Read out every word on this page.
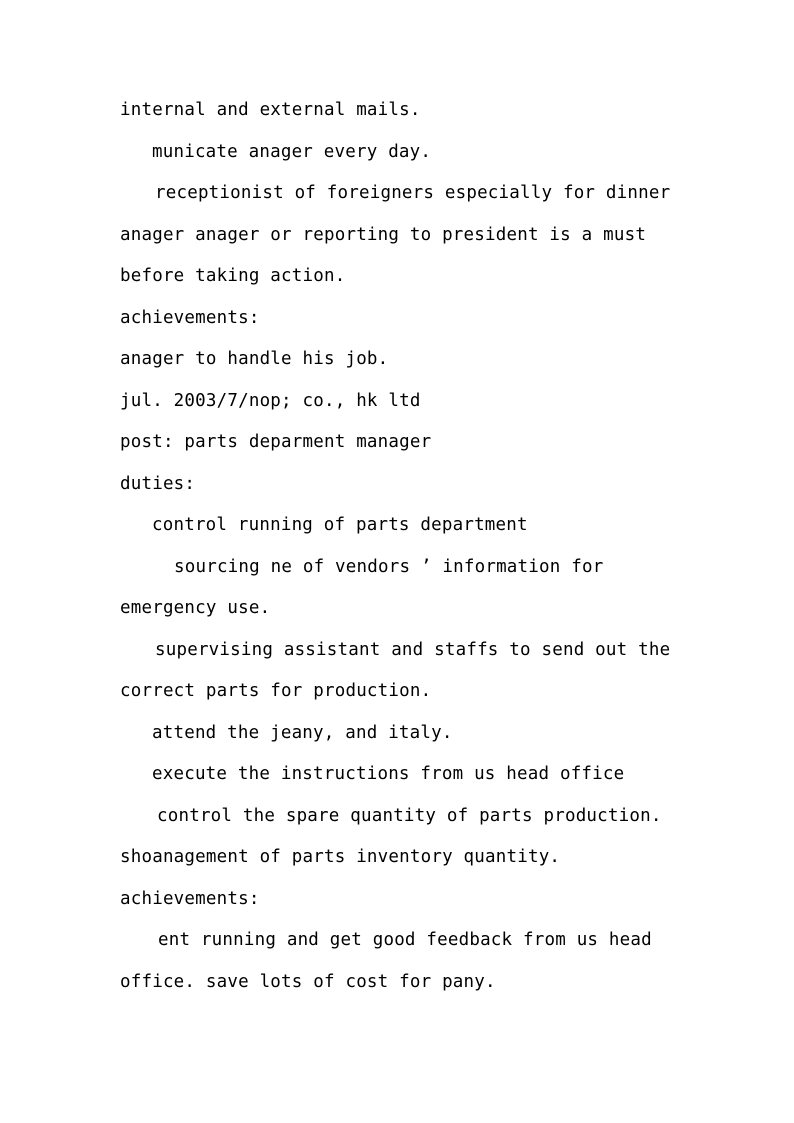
internal and external mails.
municate anager every day.
receptionist of foreigners especially for dinner
anager anager or reporting to president is a must
before taking action.
achievements:
anager to handle his job.
jul. 2003/7/nop; co., hk ltd
post: parts deparment manager
duties:
control running of parts department
sourcing ne of vendors ’ information for
emergency use.
supervising assistant and staffs to send out the
correct parts for production.
attend the jeany, and italy.
execute the instructions from us head office
control the spare quantity of parts production.
shoanagement of parts inventory quantity.
achievements:
ent running and get good feedback from us head
office. save lots of cost for pany.
